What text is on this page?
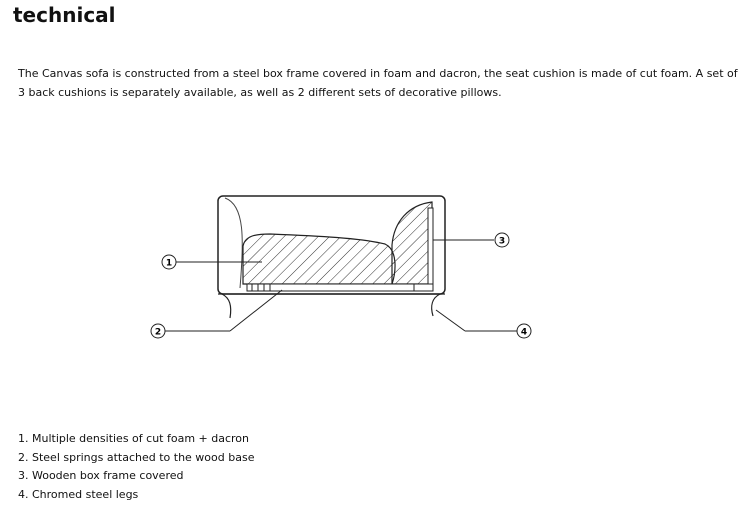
technical

The Canvas sofa is constructed from a steel box frame covered in foam and dacron, the seat cushion is made of cut foam. A set of 3 back cushions is separately available, as well as 2 different sets of decorative pillows.

1
2
3
4
1. Multiple densities of cut foam + dacron
2. Steel springs attached to the wood base
3. Wooden box frame covered
4. Chromed steel legs
